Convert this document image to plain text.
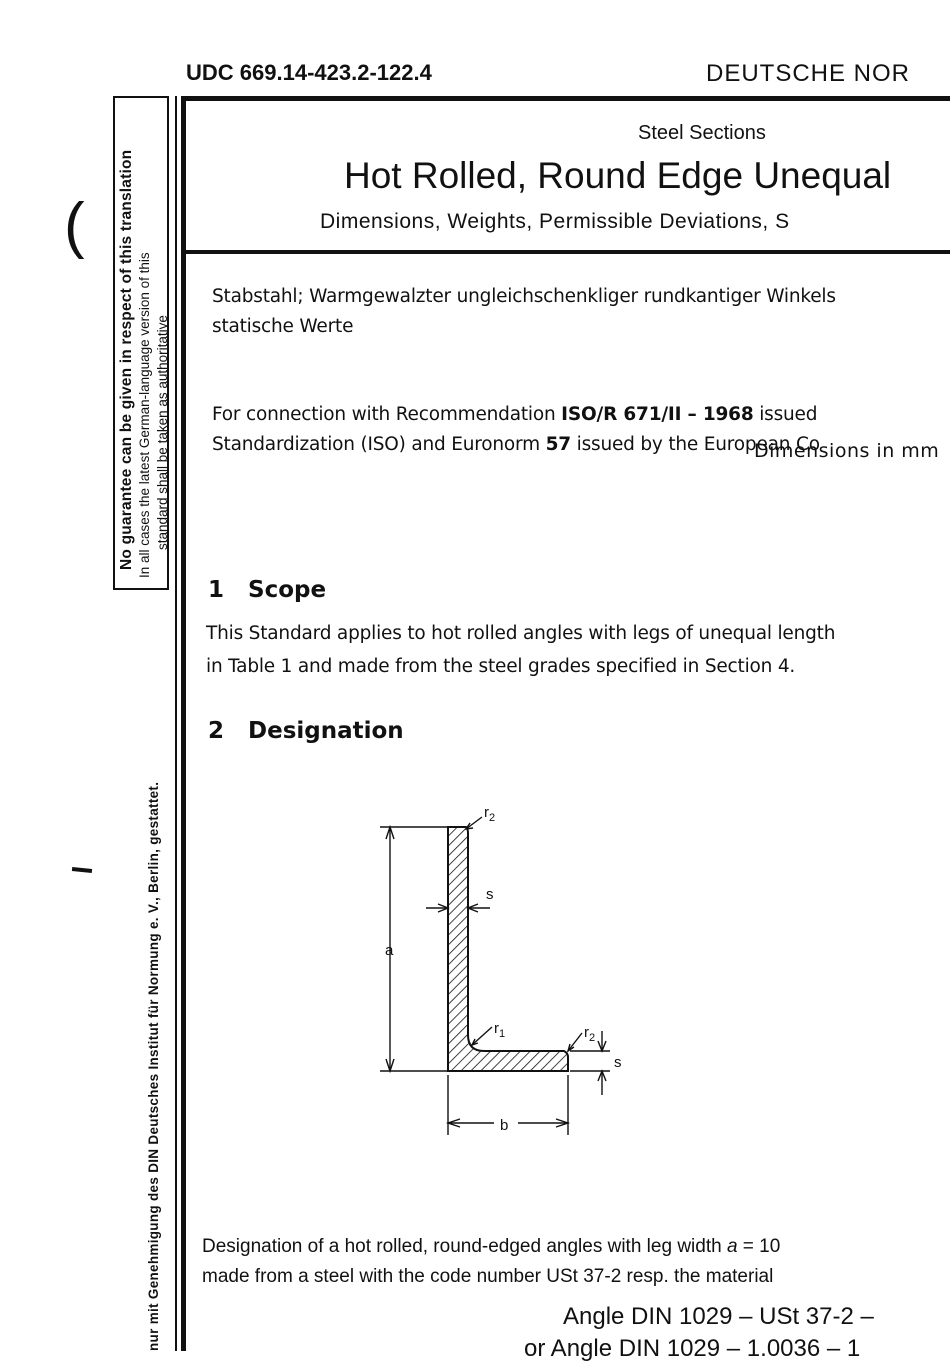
UDC 669.14-423.2-122.4	DEUTSCHE NOR
Steel Sections
Hot Rolled, Round Edge Unequal
Dimensions, Weights, Permissible Deviations, S
Stabstahl; Warmgewalzter ungleichschenkliger rundkantiger Winkels
statische Werte
For connection with Recommendation ISO/R 671/II – 1968 issued
Standardization (ISO) and Euronorm 57 issued by the European Co
Dimensions in mm
1 Scope
This Standard applies to hot rolled angles with legs of unequal length
in Table 1 and made from the steel grades specified in Section 4.
2 Designation
a
b
s
s
$r_2$
$r_1$	$r_2$
Designation of a hot rolled, round-edged angles with leg width a = 10
made from a steel with the code number USt 37-2 resp. the material
Angle DIN 1029 – USt 37-2 –
or Angle DIN 1029 – 1.0036 – 1
No guarantee can be given in respect of this translation In all cases the latest German-language version of this standard shall be taken as authoritative
nur mit Genehmigung des DIN Deutsches Institut für Normung e. V., Berlin, gestattet.
(
